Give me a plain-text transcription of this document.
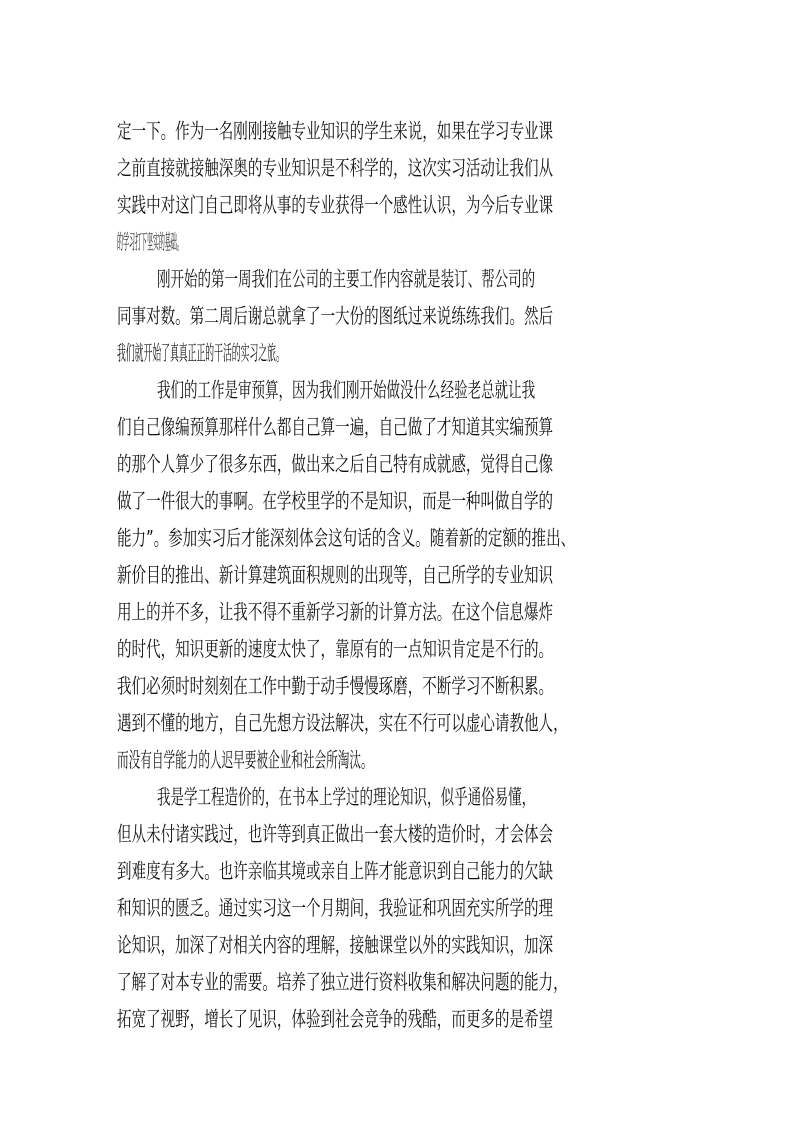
定一下。作为一名刚刚接触专业知识的学生来说，如果在学习专业课
之前直接就接触深奥的专业知识是不科学的，这次实习活动让我们从
实践中对这门自己即将从事的专业获得一个感性认识，为今后专业课
的学习打下坚实的基础。
刚开始的第一周我们在公司的主要工作内容就是装订、帮公司的
同事对数。第二周后谢总就拿了一大份的图纸过来说练练我们。然后
我们就开始了真真正正的干活的实习之旅。
我们的工作是审预算，因为我们刚开始做没什么经验老总就让我
们自己像编预算那样什么都自己算一遍，自己做了才知道其实编预算
的那个人算少了很多东西，做出来之后自己特有成就感，觉得自己像
做了一件很大的事啊。在学校里学的不是知识，而是一种叫做自学的
能力”。参加实习后才能深刻体会这句话的含义。随着新的定额的推出、
新价目的推出、新计算建筑面积规则的出现等，自己所学的专业知识
用上的并不多，让我不得不重新学习新的计算方法。在这个信息爆炸
的时代，知识更新的速度太快了，靠原有的一点知识肯定是不行的。
我们必须时时刻刻在工作中勤于动手慢慢琢磨，不断学习不断积累。
遇到不懂的地方，自己先想方设法解决，实在不行可以虚心请教他人，
而没有自学能力的人迟早要被企业和社会所淘汰。
我是学工程造价的，在书本上学过的理论知识，似乎通俗易懂，
但从未付诸实践过，也许等到真正做出一套大楼的造价时，才会体会
到难度有多大。也许亲临其境或亲自上阵才能意识到自己能力的欠缺
和知识的匮乏。通过实习这一个月期间，我验证和巩固充实所学的理
论知识，加深了对相关内容的理解，接触课堂以外的实践知识，加深
了解了对本专业的需要。培养了独立进行资料收集和解决问题的能力，
拓宽了视野，增长了见识，体验到社会竞争的残酷，而更多的是希望
